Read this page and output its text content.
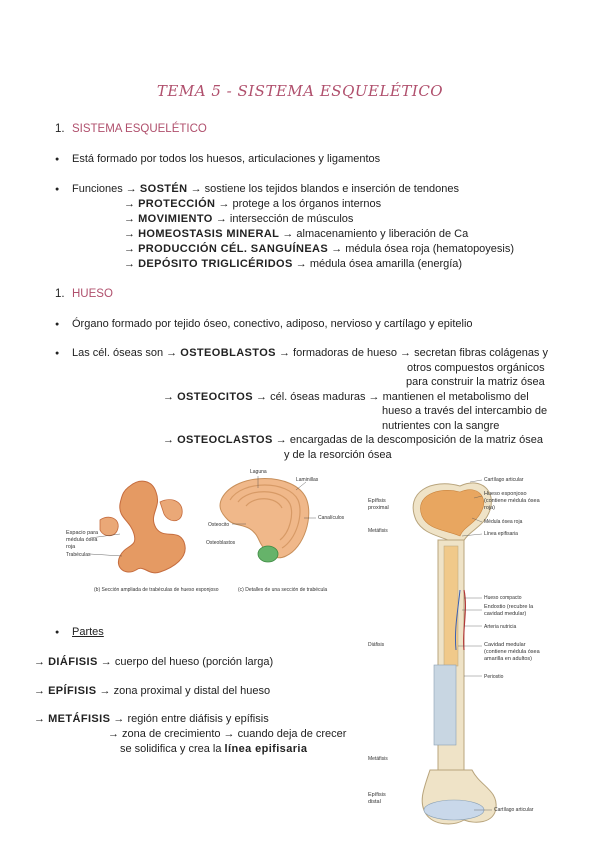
TEMA 5 - SISTEMA ESQUELÉTICO
1. SISTEMA ESQUELÉTICO
● Está formado por todos los huesos, articulaciones y ligamentos
● Funciones → SOSTÉN → sostiene los tejidos blandos e inserción de tendones
→ PROTECCIÓN → protege a los órganos internos
→ MOVIMIENTO → intersección de músculos
→ HOMEOSTASIS MINERAL → almacenamiento y liberación de Ca
→ PRODUCCIÓN CÉL. SANGUÍNEAS → médula ósea roja (hematopoyesis)
→ DEPÓSITO TRIGLICÉRIDOS → médula ósea amarilla (energía)
1. HUESO
● Órgano formado por tejido óseo, conectivo, adiposo, nervioso y cartílago y epitelio
● Las cél. óseas son → OSTEOBLASTOS → formadoras de hueso → secretan fibras colágenas y
otros compuestos orgánicos
para construir la matriz ósea
→ OSTEOCITOS → cél. óseas maduras → mantienen el metabolismo del
hueso a través del intercambio de
nutrientes con la sangre
→ OSTEOCLASTOS → encargadas de la descomposición de la matriz ósea
y de la resorción ósea
Laguna
Laminillas
Canalículos
Osteocito
Osteoblastos
Espacio para médula ósea roja
Trabéculas
(b) Sección ampliada de trabéculas de hueso esponjoso	(c) Detalles de una sección de trabécula
● Partes
→ DIÁFISIS → cuerpo del hueso (porción larga)
→ EPÍFISIS → zona proximal y distal del hueso
→ METÁFISIS → región entre diáfisis y epífisis
→ zona de crecimiento → cuando deja de crecer
se solidifica y crea la línea epifisaria
Epífisis proximal
Metáfisis
Diáfisis
Metáfisis
Epífisis distal
Cartílago articular
Hueso esponjoso (contiene médula ósea roja)
Médula ósea roja
Línea epifisaria
Hueso compacto
Endostio (recubre la cavidad medular)
Arteria nutricia
Cavidad medular (contiene médula ósea amarilla en adultos)
Periostio
Cartílago articular
